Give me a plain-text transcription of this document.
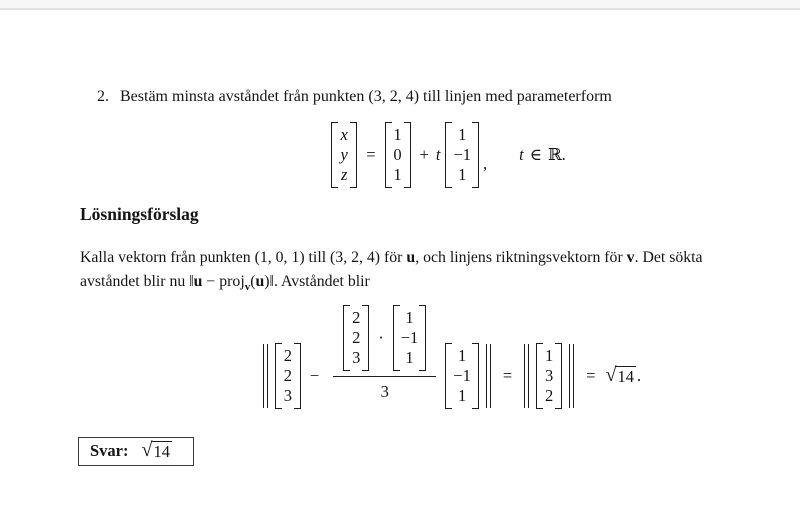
2. Bestäm minsta avståndet från punkten (3, 2, 4) till linjen med parameterform
x
y
z
=
1
0
1
+ t
1
−1
1
, t ∈ ℝ.
Lösningsförslag
Kalla vektorn från punkten (1, 0, 1) till (3, 2, 4) för u, och linjens riktningsvektorn för v. Det sökta
avståndet blir nu ‖u − proj$_v$(u)‖. Avståndet blir
2
2
3
−
2
2
3
·
1
−1
1
3
1
−1
1
=
1
3
2
= √ 14 .
Svar: √ 14
